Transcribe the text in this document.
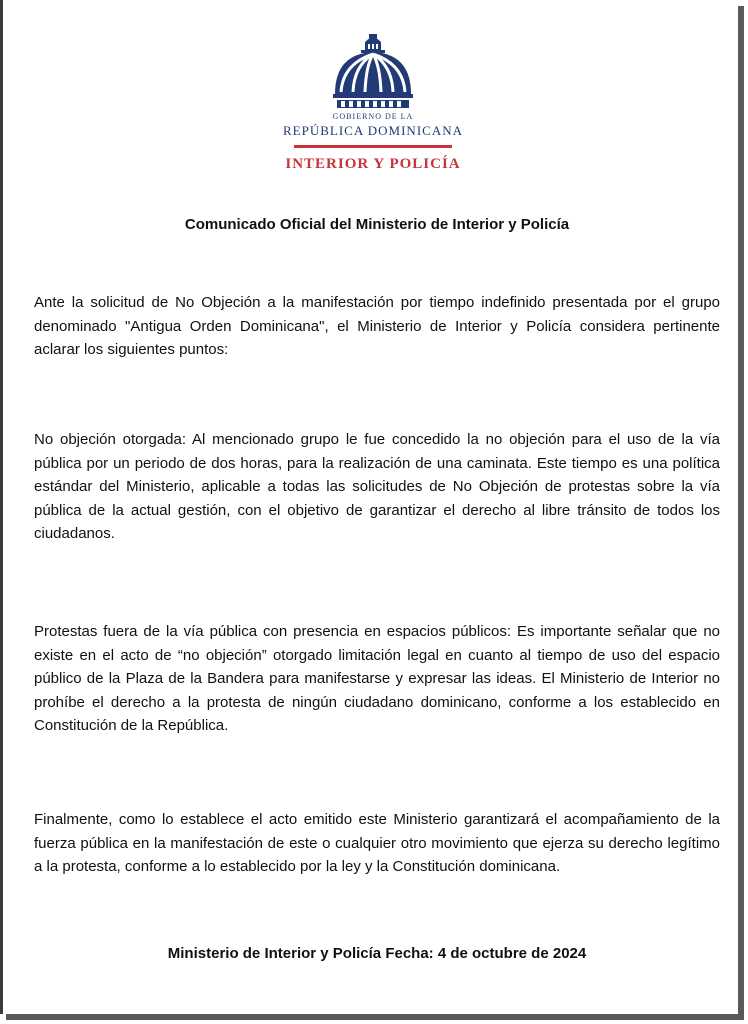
GOBIERNO DE LA
REPÚBLICA DOMINICANA
INTERIOR Y POLICÍA
Comunicado Oficial del Ministerio de Interior y Policía

Ante la solicitud de No Objeción a la manifestación por tiempo indefinido presentada por el grupo denominado "Antigua Orden Dominicana", el Ministerio de Interior y Policía considera pertinente aclarar los siguientes puntos:

No objeción otorgada: Al mencionado grupo le fue concedido la no objeción para el uso de la vía pública por un periodo de dos horas, para la realización de una caminata. Este tiempo es una política estándar del Ministerio, aplicable a todas las solicitudes de No Objeción de protestas sobre la vía pública de la actual gestión, con el objetivo de garantizar el derecho al libre tránsito de todos los ciudadanos.

Protestas fuera de la vía pública con presencia en espacios públicos: Es importante señalar que no existe en el acto de “no objeción” otorgado limitación legal en cuanto al tiempo de uso del espacio público de la Plaza de la Bandera para manifestarse y expresar las ideas. El Ministerio de Interior no prohíbe el derecho a la protesta de ningún ciudadano dominicano, conforme a los establecido en Constitución de la República.

Finalmente, como lo establece el acto emitido este Ministerio garantizará el acompañamiento de la fuerza pública en la manifestación de este o cualquier otro movimiento que ejerza su derecho legítimo a la protesta, conforme a lo establecido por la ley y la Constitución dominicana.

Ministerio de Interior y Policía Fecha: 4 de octubre de 2024
